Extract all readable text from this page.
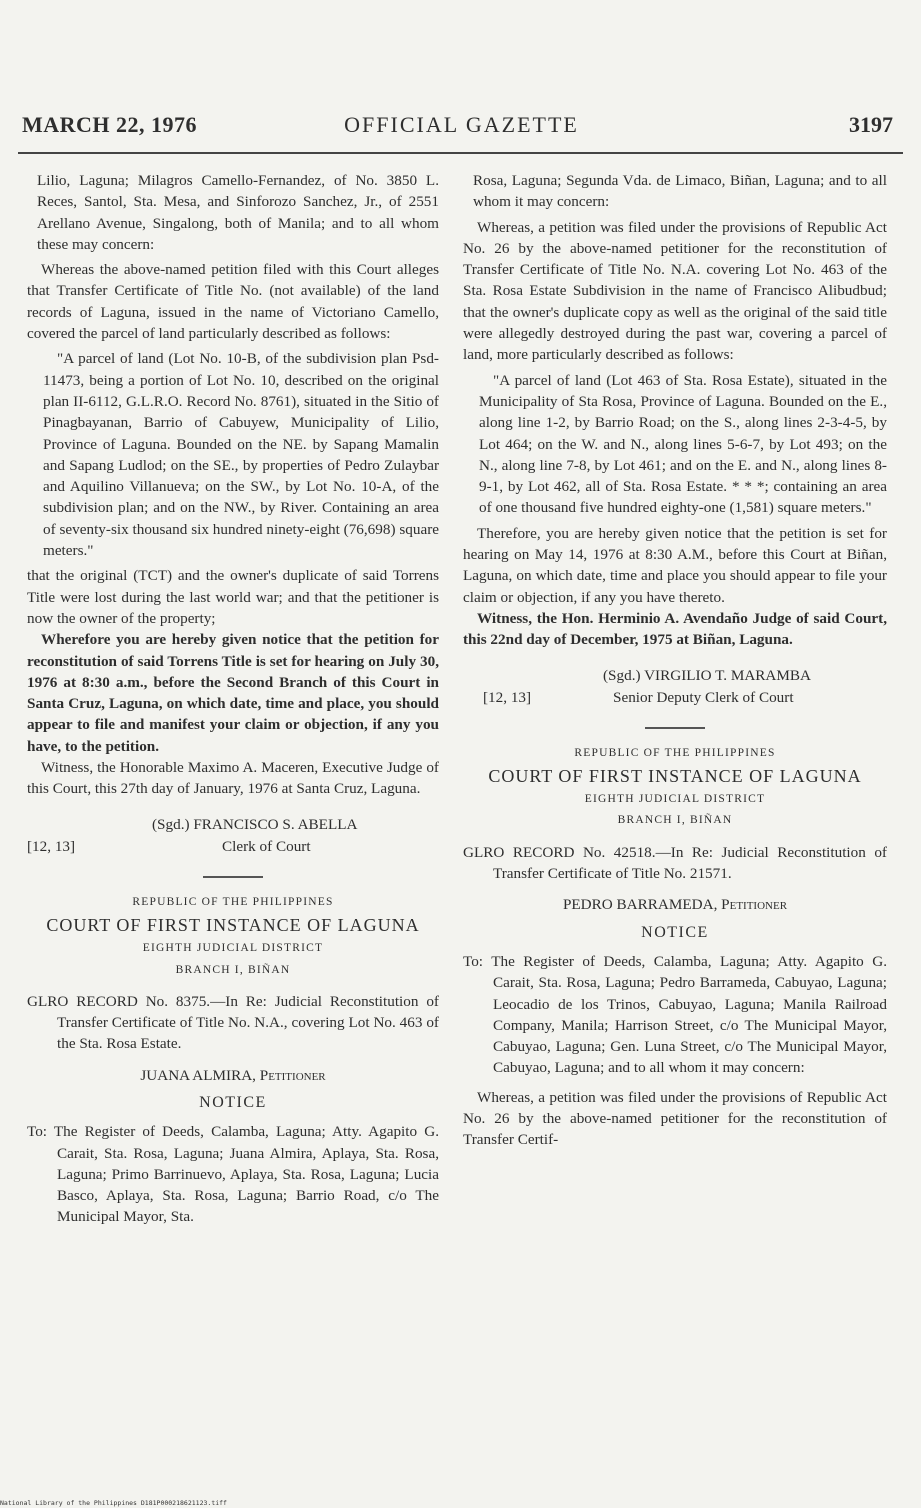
MARCH 22, 1976	OFFICIAL GAZETTE	3197

Lilio, Laguna; Milagros Camello-Fernandez, of No. 3850 L. Reces, Santol, Sta. Mesa, and Sinforozo Sanchez, Jr., of 2551 Arellano Avenue, Singalong, both of Manila; and to all whom these may concern:

Whereas the above-named petition filed with this Court alleges that Transfer Certificate of Title No. (not available) of the land records of Laguna, issued in the name of Victoriano Camello, covered the parcel of land particularly described as follows:

"A parcel of land (Lot No. 10-B, of the subdivision plan Psd-11473, being a portion of Lot No. 10, described on the original plan II-6112, G.L.R.O. Record No. 8761), situated in the Sitio of Pinagbayanan, Barrio of Cabuyew, Municipality of Lilio, Province of Laguna. Bounded on the NE. by Sapang Mamalin and Sapang Ludlod; on the SE., by properties of Pedro Zulaybar and Aquilino Villanueva; on the SW., by Lot No. 10-A, of the subdivision plan; and on the NW., by River. Containing an area of seventy-six thousand six hundred ninety-eight (76,698) square meters."

that the original (TCT) and the owner's duplicate of said Torrens Title were lost during the last world war; and that the petitioner is now the owner of the property;

Wherefore you are hereby given notice that the petition for reconstitution of said Torrens Title is set for hearing on July 30, 1976 at 8:30 a.m., before the Second Branch of this Court in Santa Cruz, Laguna, on which date, time and place, you should appear to file and manifest your claim or objection, if any you have, to the petition.

Witness, the Honorable Maximo A. Maceren, Executive Judge of this Court, this 27th day of January, 1976 at Santa Cruz, Laguna.

(Sgd.) FRANCISCO S. ABELLA
[12, 13]	Clerk of Court
REPUBLIC OF THE PHILIPPINES
COURT OF FIRST INSTANCE OF LAGUNA
EIGHTH JUDICIAL DISTRICT
BRANCH I, BIÑAN

GLRO RECORD No. 8375.—In Re: Judicial Reconstitution of Transfer Certificate of Title No. N.A., covering Lot No. 463 of the Sta. Rosa Estate.

JUANA ALMIRA, Petitioner
NOTICE

To: The Register of Deeds, Calamba, Laguna; Atty. Agapito G. Carait, Sta. Rosa, Laguna; Juana Almira, Aplaya, Sta. Rosa, Laguna; Primo Barrinuevo, Aplaya, Sta. Rosa, Laguna; Lucia Basco, Aplaya, Sta. Rosa, Laguna; Barrio Road, c/o The Municipal Mayor, Sta.

Rosa, Laguna; Segunda Vda. de Limaco, Biñan, Laguna; and to all whom it may concern:

Whereas, a petition was filed under the provisions of Republic Act No. 26 by the above-named petitioner for the reconstitution of Transfer Certificate of Title No. N.A. covering Lot No. 463 of the Sta. Rosa Estate Subdivision in the name of Francisco Alibudbud; that the owner's duplicate copy as well as the original of the said title were allegedly destroyed during the past war, covering a parcel of land, more particularly described as follows:

"A parcel of land (Lot 463 of Sta. Rosa Estate), situated in the Municipality of Sta Rosa, Province of Laguna. Bounded on the E., along line 1-2, by Barrio Road; on the S., along lines 2-3-4-5, by Lot 464; on the W. and N., along lines 5-6-7, by Lot 493; on the N., along line 7-8, by Lot 461; and on the E. and N., along lines 8-9-1, by Lot 462, all of Sta. Rosa Estate. * * *; containing an area of one thousand five hundred eighty-one (1,581) square meters."

Therefore, you are hereby given notice that the petition is set for hearing on May 14, 1976 at 8:30 A.M., before this Court at Biñan, Laguna, on which date, time and place you should appear to file your claim or objection, if any you have thereto.

Witness, the Hon. Herminio A. Avendaño Judge of said Court, this 22nd day of December, 1975 at Biñan, Laguna.

(Sgd.) VIRGILIO T. MARAMBA
[12, 13]	Senior Deputy Clerk of Court
REPUBLIC OF THE PHILIPPINES
COURT OF FIRST INSTANCE OF LAGUNA
EIGHTH JUDICIAL DISTRICT
BRANCH I, BIÑAN

GLRO RECORD No. 42518.—In Re: Judicial Reconstitution of Transfer Certificate of Title No. 21571.

PEDRO BARRAMEDA, Petitioner
NOTICE

To: The Register of Deeds, Calamba, Laguna; Atty. Agapito G. Carait, Sta. Rosa, Laguna; Pedro Barrameda, Cabuyao, Laguna; Leocadio de los Trinos, Cabuyao, Laguna; Manila Railroad Company, Manila; Harrison Street, c/o The Municipal Mayor, Cabuyao, Laguna; Gen. Luna Street, c/o The Municipal Mayor, Cabuyao, Laguna; and to all whom it may concern:

Whereas, a petition was filed under the provisions of Republic Act No. 26 by the above-named petitioner for the reconstitution of Transfer Certif-

National Library of the Philippines D181P000218621123.tiff
